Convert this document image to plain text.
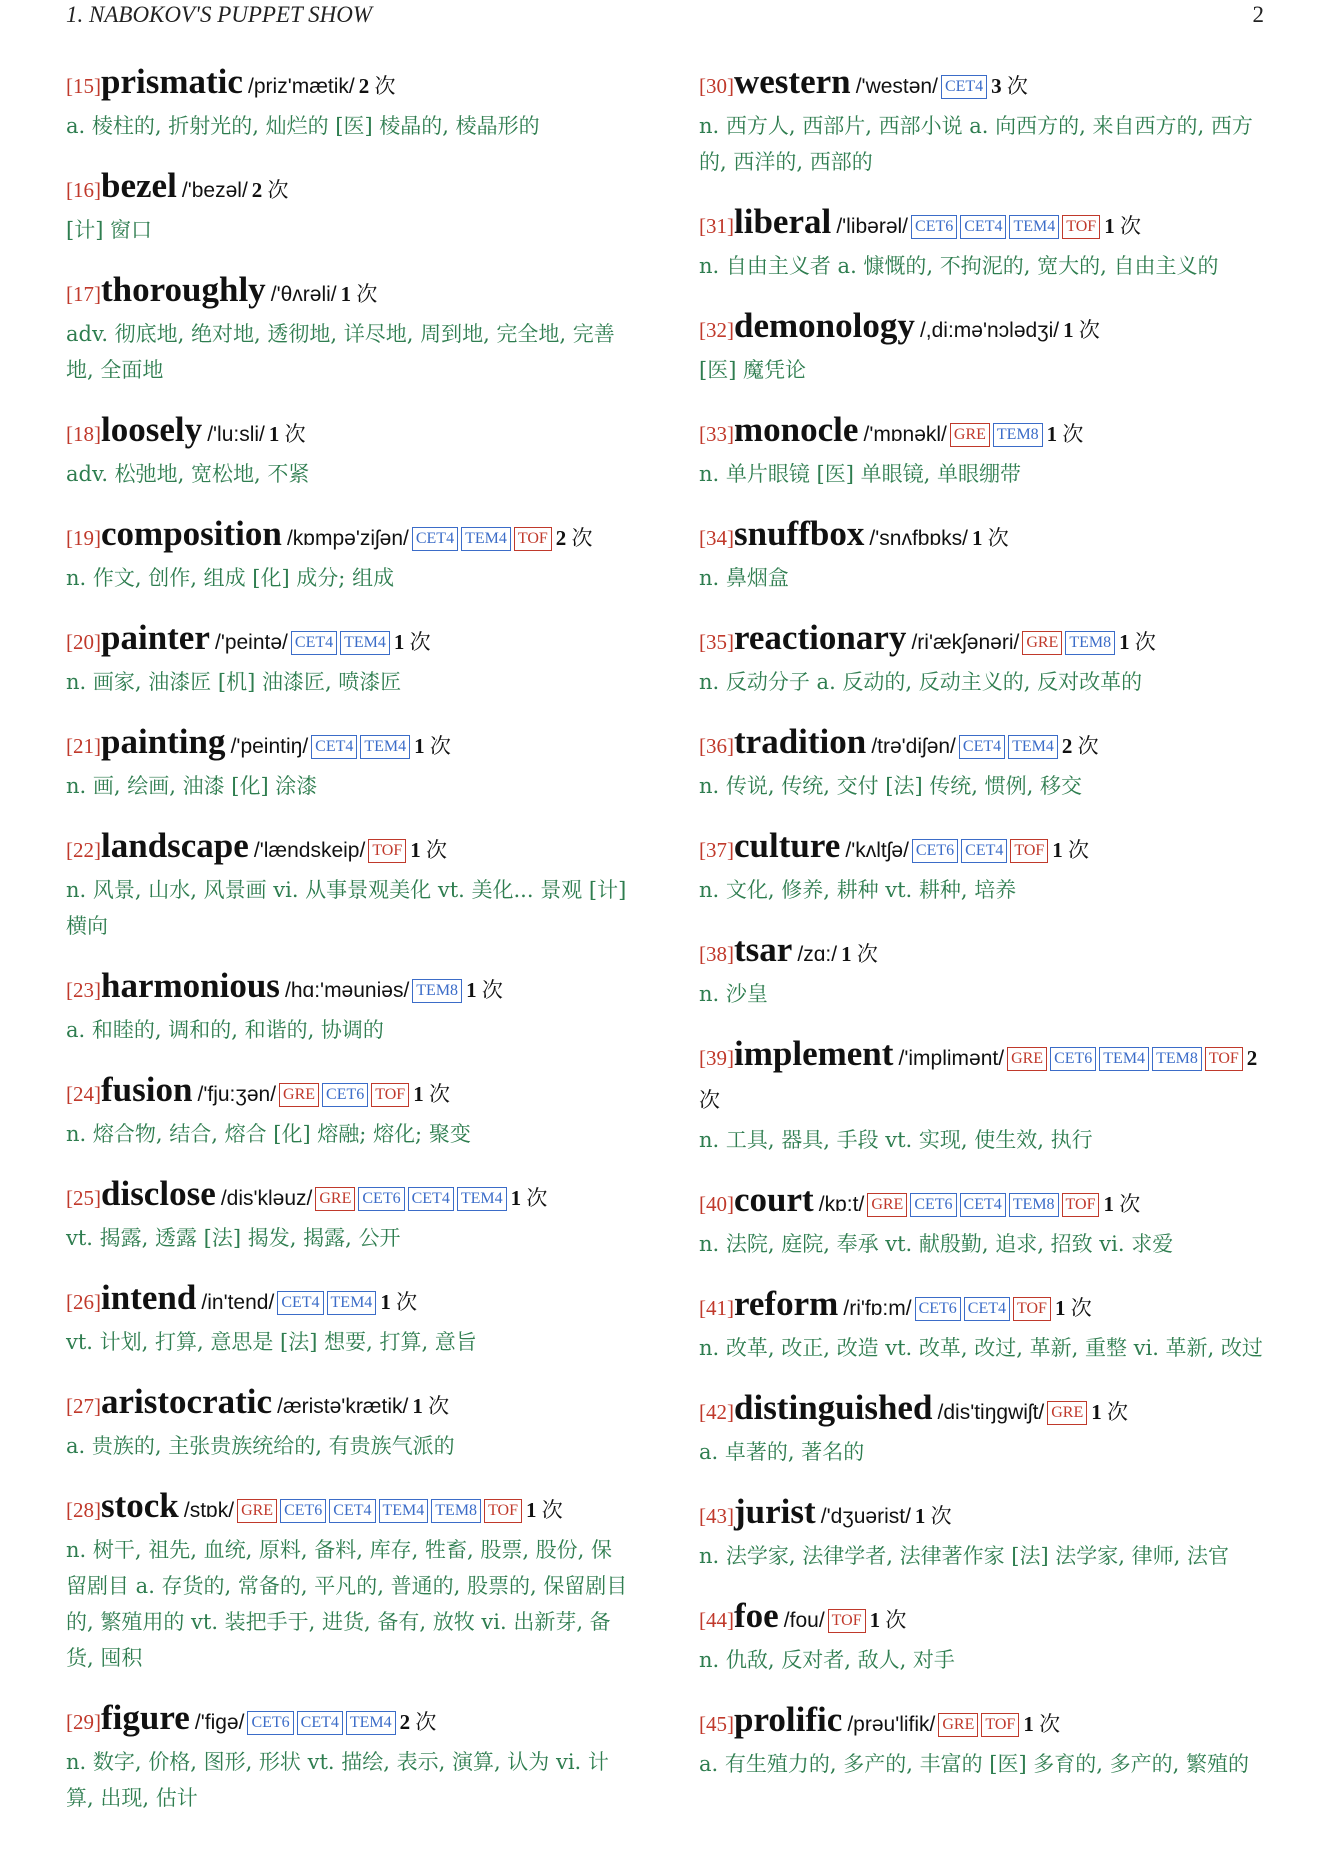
1. NABOKOV'S PUPPET SHOW	2
[15]prismatic /priz'mætik/ 2 次
a. 棱柱的, 折射光的, 灿烂的 [医] 棱晶的, 棱晶形的
[16]bezel /'bezəl/ 2 次
[计] 窗口
[17]thoroughly /'θʌrəli/ 1 次
adv. 彻底地, 绝对地, 透彻地, 详尽地, 周到地, 完全地, 完善地, 全面地
[18]loosely /'lu:sli/ 1 次
adv. 松弛地, 宽松地, 不紧
[19]composition /kɒmpə'ziʃən/ CET4 TEM4 TOF 2 次
n. 作文, 创作, 组成 [化] 成分; 组成
[20]painter /'peintə/ CET4 TEM4 1 次
n. 画家, 油漆匠 [机] 油漆匠, 喷漆匠
[21]painting /'peintiŋ/ CET4 TEM4 1 次
n. 画, 绘画, 油漆 [化] 涂漆
[22]landscape /'lændskeip/ TOF 1 次
n. 风景, 山水, 风景画 vi. 从事景观美化 vt. 美化... 景观 [计] 横向
[23]harmonious /hɑ:'məuniəs/ TEM8 1 次
a. 和睦的, 调和的, 和谐的, 协调的
[24]fusion /'fju:ʒən/ GRE CET6 TOF 1 次
n. 熔合物, 结合, 熔合 [化] 熔融; 熔化; 聚变
[25]disclose /dis'kləuz/ GRE CET6 CET4 TEM4 1 次
vt. 揭露, 透露 [法] 揭发, 揭露, 公开
[26]intend /in'tend/ CET4 TEM4 1 次
vt. 计划, 打算, 意思是 [法] 想要, 打算, 意旨
[27]aristocratic /æristə'krætik/ 1 次
a. 贵族的, 主张贵族统给的, 有贵族气派的
[28]stock /stɒk/ GRE CET6 CET4 TEM4 TEM8 TOF 1 次
n. 树干, 祖先, 血统, 原料, 备料, 库存, 牲畜, 股票, 股份, 保留剧目 a. 存货的, 常备的, 平凡的, 普通的, 股票的, 保留剧目的, 繁殖用的 vt. 装把手于, 进货, 备有, 放牧 vi. 出新芽, 备货, 囤积
[29]figure /'figə/ CET6 CET4 TEM4 2 次
n. 数字, 价格, 图形, 形状 vt. 描绘, 表示, 演算, 认为 vi. 计算, 出现, 估计
[30]western /'westən/ CET4 3 次
n. 西方人, 西部片, 西部小说 a. 向西方的, 来自西方的, 西方的, 西洋的, 西部的
[31]liberal /'libərəl/ CET6 CET4 TEM4 TOF 1 次
n. 自由主义者 a. 慷慨的, 不拘泥的, 宽大的, 自由主义的
[32]demonology /,di:mə'nɔlədʒi/ 1 次
[医] 魔凭论
[33]monocle /'mɒnəkl/ GRE TEM8 1 次
n. 单片眼镜 [医] 单眼镜, 单眼绷带
[34]snuffbox /'snʌfbɒks/ 1 次
n. 鼻烟盒
[35]reactionary /ri'ækʃənəri/ GRE TEM8 1 次
n. 反动分子 a. 反动的, 反动主义的, 反对改革的
[36]tradition /trə'diʃən/ CET4 TEM4 2 次
n. 传说, 传统, 交付 [法] 传统, 惯例, 移交
[37]culture /'kʌltʃə/ CET6 CET4 TOF 1 次
n. 文化, 修养, 耕种 vt. 耕种, 培养
[38]tsar /zɑ:/ 1 次
n. 沙皇
[39]implement /'implimənt/ GRE CET6 TEM4 TEM8 TOF 2 次
n. 工具, 器具, 手段 vt. 实现, 使生效, 执行
[40]court /kɒ:t/ GRE CET6 CET4 TEM8 TOF 1 次
n. 法院, 庭院, 奉承 vt. 献殷勤, 追求, 招致 vi. 求爱
[41]reform /ri'fɒ:m/ CET6 CET4 TOF 1 次
n. 改革, 改正, 改造 vt. 改革, 改过, 革新, 重整 vi. 革新, 改过
[42]distinguished /dis'tiŋgwiʃt/ GRE 1 次
a. 卓著的, 著名的
[43]jurist /'dʒuərist/ 1 次
n. 法学家, 法律学者, 法律著作家 [法] 法学家, 律师, 法官
[44]foe /fou/ TOF 1 次
n. 仇敌, 反对者, 敌人, 对手
[45]prolific /prəu'lifik/ GRE TOF 1 次
a. 有生殖力的, 多产的, 丰富的 [医] 多育的, 多产的, 繁殖的
